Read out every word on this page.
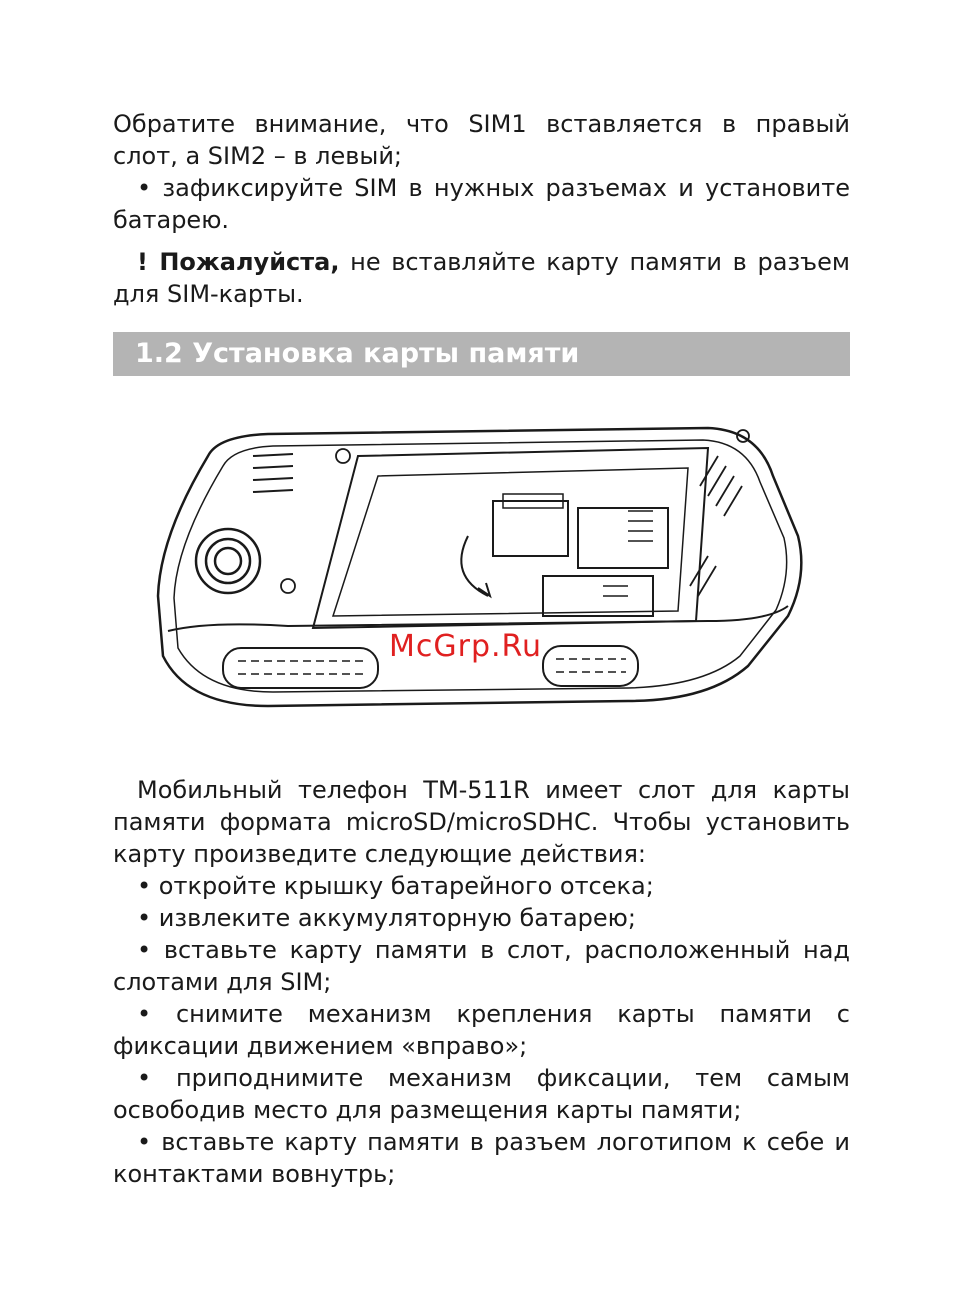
Обратите внимание, что SIM1 вставляется в правый слот, а SIM2 – в левый;

• зафиксируйте SIM в нужных разъемах и установите батарею.

! Пожалуйста, не вставляйте карту памяти в разъем для SIM-карты.

1.2 Установка карты памяти
McGrp.Ru

Мобильный телефон TM-511R имеет слот для карты памяти формата microSD/microSDHC. Чтобы установить карту произведите следующие действия:

• откройте крышку батарейного отсека;

• извлеките аккумуляторную батарею;

• вставьте карту памяти в слот, расположенный над слотами для SIM;

• снимите механизм крепления карты памяти с фиксации движением «вправо»;

• приподнимите механизм фиксации, тем самым освободив место для размещения карты памяти;

• вставьте карту памяти в разъем логотипом к себе и контактами вовнутрь;
